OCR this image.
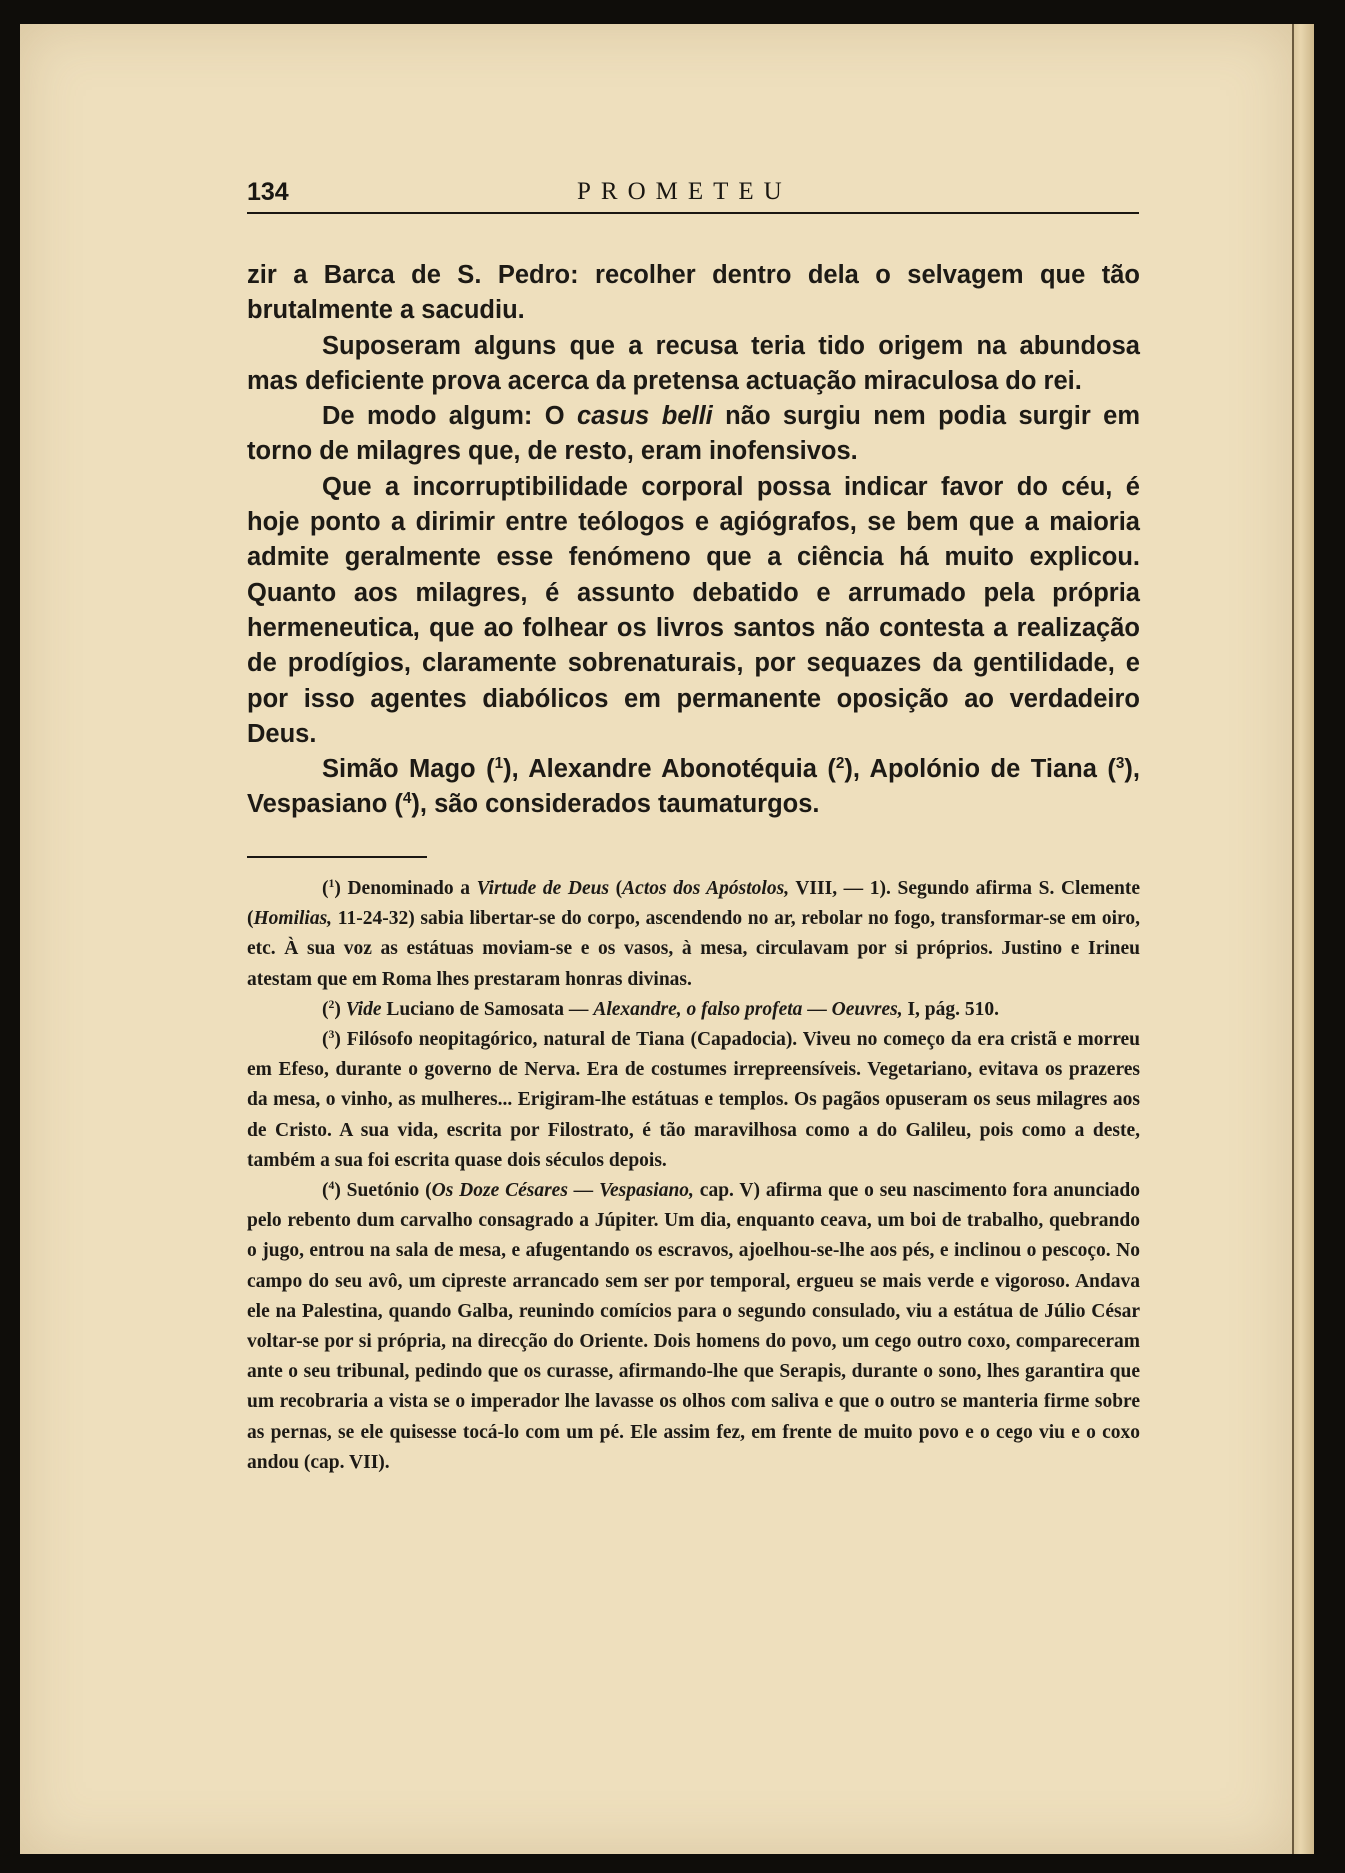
134	PROMETEU

zir a Barca de S. Pedro: recolher dentro dela o selvagem que tão brutalmente a sacudiu.

Suposeram alguns que a recusa teria tido origem na abundosa mas deficiente prova acerca da pretensa actuação miraculosa do rei.

De modo algum: O casus belli não surgiu nem podia surgir em torno de milagres que, de resto, eram inofensivos.

Que a incorruptibilidade corporal possa indicar favor do céu, é hoje ponto a dirimir entre teólogos e agiógrafos, se bem que a maioria admite geralmente esse fenómeno que a ciência há muito explicou. Quanto aos milagres, é assunto debatido e arrumado pela própria hermeneutica, que ao folhear os livros santos não contesta a realização de prodígios, claramente sobrenaturais, por sequazes da gentilidade, e por isso agentes diabólicos em permanente oposição ao verdadeiro Deus.

Simão Mago ($^1$), Alexandre Abonotéquia ($^2$), Apolónio de Tiana ($^3$), Vespasiano ($^4$), são considerados taumaturgos.

($^1$) Denominado a Virtude de Deus (Actos dos Apóstolos, VIII, — 1). Segundo afirma S. Clemente (Homilias, 11-24-32) sabia libertar-se do corpo, ascendendo no ar, rebolar no fogo, transformar-se em oiro, etc. À sua voz as estátuas moviam-se e os vasos, à mesa, circulavam por si próprios. Justino e Irineu atestam que em Roma lhes prestaram honras divinas.

($^2$) Vide Luciano de Samosata — Alexandre, o falso profeta — Oeuvres, I, pág. 510.

($^3$) Filósofo neopitagórico, natural de Tiana (Capadocia). Viveu no começo da era cristã e morreu em Efeso, durante o governo de Nerva. Era de costumes irrepreensíveis. Vegetariano, evitava os prazeres da mesa, o vinho, as mulheres... Erigiram-lhe estátuas e templos. Os pagãos opuseram os seus milagres aos de Cristo. A sua vida, escrita por Filostrato, é tão maravilhosa como a do Galileu, pois como a deste, também a sua foi escrita quase dois séculos depois.

($^4$) Suetónio (Os Doze Césares — Vespasiano, cap. V) afirma que o seu nascimento fora anunciado pelo rebento dum carvalho consagrado a Júpiter. Um dia, enquanto ceava, um boi de trabalho, quebrando o jugo, entrou na sala de mesa, e afugentando os escravos, ajoelhou-se-lhe aos pés, e inclinou o pescoço. No campo do seu avô, um cipreste arrancado sem ser por temporal, ergueu se mais verde e vigoroso. Andava ele na Palestina, quando Galba, reunindo comícios para o segundo consulado, viu a estátua de Júlio César voltar-se por si própria, na direcção do Oriente. Dois homens do povo, um cego outro coxo, compareceram ante o seu tribunal, pedindo que os curasse, afirmando-lhe que Serapis, durante o sono, lhes garantira que um recobraria a vista se o imperador lhe lavasse os olhos com saliva e que o outro se manteria firme sobre as pernas, se ele quisesse tocá-lo com um pé. Ele assim fez, em frente de muito povo e o cego viu e o coxo andou (cap. VII).
